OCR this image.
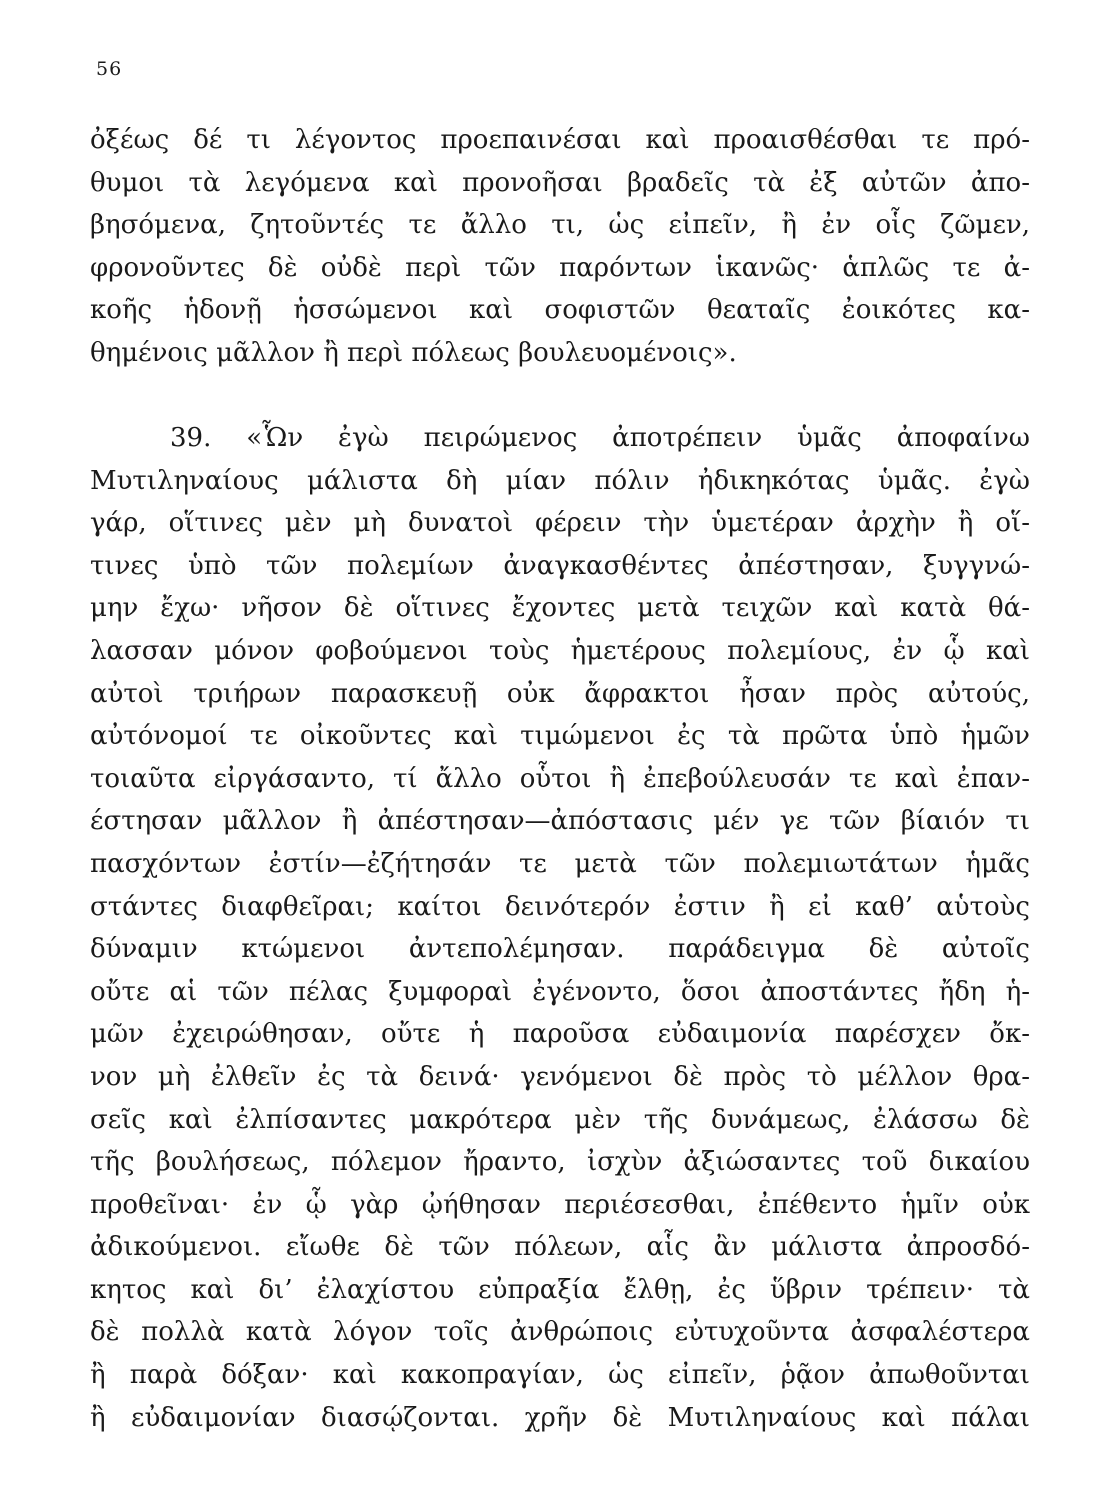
56
ὀξέως δέ τι λέγοντος προεπαινέσαι καὶ προαισθέσθαι τε πρό-
θυμοι τὰ λεγόμενα καὶ προνοῆσαι βραδεῖς τὰ ἐξ αὐτῶν ἀπο-
βησόμενα, ζητοῦντές τε ἄλλο τι, ὡς εἰπεῖν, ἢ ἐν οἷς ζῶμεν,
φρονοῦντες δὲ οὐδὲ περὶ τῶν παρόντων ἱκανῶς· ἁπλῶς τε ἀ-
κοῆς ἡδονῇ ἡσσώμενοι καὶ σοφιστῶν θεαταῖς ἐοικότες κα-
θημένοις μᾶλλον ἢ περὶ πόλεως βουλευομένοις».
39. «Ὧν ἐγὼ πειρώμενος ἀποτρέπειν ὑμᾶς ἀποφαίνω
Μυτιληναίους μάλιστα δὴ μίαν πόλιν ἠδικηκότας ὑμᾶς. ἐγὼ
γάρ, οἵτινες μὲν μὴ δυνατοὶ φέρειν τὴν ὑμετέραν ἀρχὴν ἢ οἵ-
τινες ὑπὸ τῶν πολεμίων ἀναγκασθέντες ἀπέστησαν, ξυγγνώ-
μην ἔχω· νῆσον δὲ οἵτινες ἔχοντες μετὰ τειχῶν καὶ κατὰ θά-
λασσαν μόνον φοβούμενοι τοὺς ἡμετέρους πολεμίους, ἐν ᾧ καὶ
αὐτοὶ τριήρων παρασκευῇ οὐκ ἄφρακτοι ἦσαν πρὸς αὐτούς,
αὐτόνομοί τε οἰκοῦντες καὶ τιμώμενοι ἐς τὰ πρῶτα ὑπὸ ἡμῶν
τοιαῦτα εἰργάσαντο, τί ἄλλο οὗτοι ἢ ἐπεβούλευσάν τε καὶ ἐπαν-
έστησαν μᾶλλον ἢ ἀπέστησαν—ἀπόστασις μέν γε τῶν βίαιόν τι
πασχόντων ἐστίν—ἐζήτησάν τε μετὰ τῶν πολεμιωτάτων ἡμᾶς
στάντες διαφθεῖραι; καίτοι δεινότερόν ἐστιν ἢ εἰ καθ’ αὑτοὺς
δύναμιν κτώμενοι ἀντεπολέμησαν. παράδειγμα δὲ αὐτοῖς
οὔτε αἱ τῶν πέλας ξυμφοραὶ ἐγένοντο, ὅσοι ἀποστάντες ἤδη ἡ-
μῶν ἐχειρώθησαν, οὔτε ἡ παροῦσα εὐδαιμονία παρέσχεν ὄκ-
νον μὴ ἐλθεῖν ἐς τὰ δεινά· γενόμενοι δὲ πρὸς τὸ μέλλον θρα-
σεῖς καὶ ἐλπίσαντες μακρότερα μὲν τῆς δυνάμεως, ἐλάσσω δὲ
τῆς βουλήσεως, πόλεμον ἤραντο, ἰσχὺν ἀξιώσαντες τοῦ δικαίου
προθεῖναι· ἐν ᾧ γὰρ ᾠήθησαν περιέσεσθαι, ἐπέθεντο ἡμῖν οὐκ
ἀδικούμενοι. εἴωθε δὲ τῶν πόλεων, αἷς ἂν μάλιστα ἀπροσδό-
κητος καὶ δι’ ἐλαχίστου εὐπραξία ἔλθῃ, ἐς ὕβριν τρέπειν· τὰ
δὲ πολλὰ κατὰ λόγον τοῖς ἀνθρώποις εὐτυχοῦντα ἀσφαλέστερα
ἢ παρὰ δόξαν· καὶ κακοπραγίαν, ὡς εἰπεῖν, ῥᾷον ἀπωθοῦνται
ἢ εὐδαιμονίαν διασῴζονται. χρῆν δὲ Μυτιληναίους καὶ πάλαι
